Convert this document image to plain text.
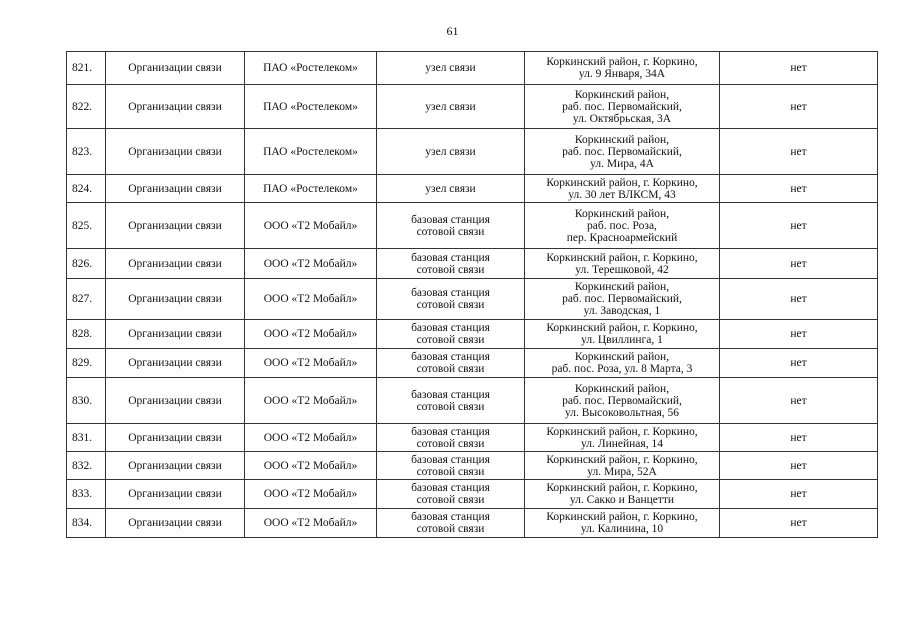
61
821.	Организации связи	ПАО «Ростелеком»	узел связи	Коркинский район, г. Коркино,
ул. 9 Января, 34А	нет
822.	Организации связи	ПАО «Ростелеком»	узел связи	Коркинский район,
раб. пос. Первомайский,
ул. Октябрьская, 3А	нет
823.	Организации связи	ПАО «Ростелеком»	узел связи	Коркинский район,
раб. пос. Первомайский,
ул. Мира, 4А	нет
824.	Организации связи	ПАО «Ростелеком»	узел связи	Коркинский район, г. Коркино,
ул. 30 лет ВЛКСМ, 43	нет
825.	Организации связи	ООО «Т2 Мобайл»	базовая станция
сотовой связи	Коркинский район,
раб. пос. Роза,
пер. Красноармейский	нет
826.	Организации связи	ООО «Т2 Мобайл»	базовая станция
сотовой связи	Коркинский район, г. Коркино,
ул. Терешковой, 42	нет
827.	Организации связи	ООО «Т2 Мобайл»	базовая станция
сотовой связи	Коркинский район,
раб. пос. Первомайский,
ул. Заводская, 1	нет
828.	Организации связи	ООО «Т2 Мобайл»	базовая станция
сотовой связи	Коркинский район, г. Коркино,
ул. Цвиллинга, 1	нет
829.	Организации связи	ООО «Т2 Мобайл»	базовая станция
сотовой связи	Коркинский район,
раб. пос. Роза, ул. 8 Марта, 3	нет
830.	Организации связи	ООО «Т2 Мобайл»	базовая станция
сотовой связи	Коркинский район,
раб. пос. Первомайский,
ул. Высоковольтная, 56	нет
831.	Организации связи	ООО «Т2 Мобайл»	базовая станция
сотовой связи	Коркинский район, г. Коркино,
ул. Линейная, 14	нет
832.	Организации связи	ООО «Т2 Мобайл»	базовая станция
сотовой связи	Коркинский район, г. Коркино,
ул. Мира, 52А	нет
833.	Организации связи	ООО «Т2 Мобайл»	базовая станция
сотовой связи	Коркинский район, г. Коркино,
ул. Сакко и Ванцетти	нет
834.	Организации связи	ООО «Т2 Мобайл»	базовая станция
сотовой связи	Коркинский район, г. Коркино,
ул. Калинина, 10	нет
